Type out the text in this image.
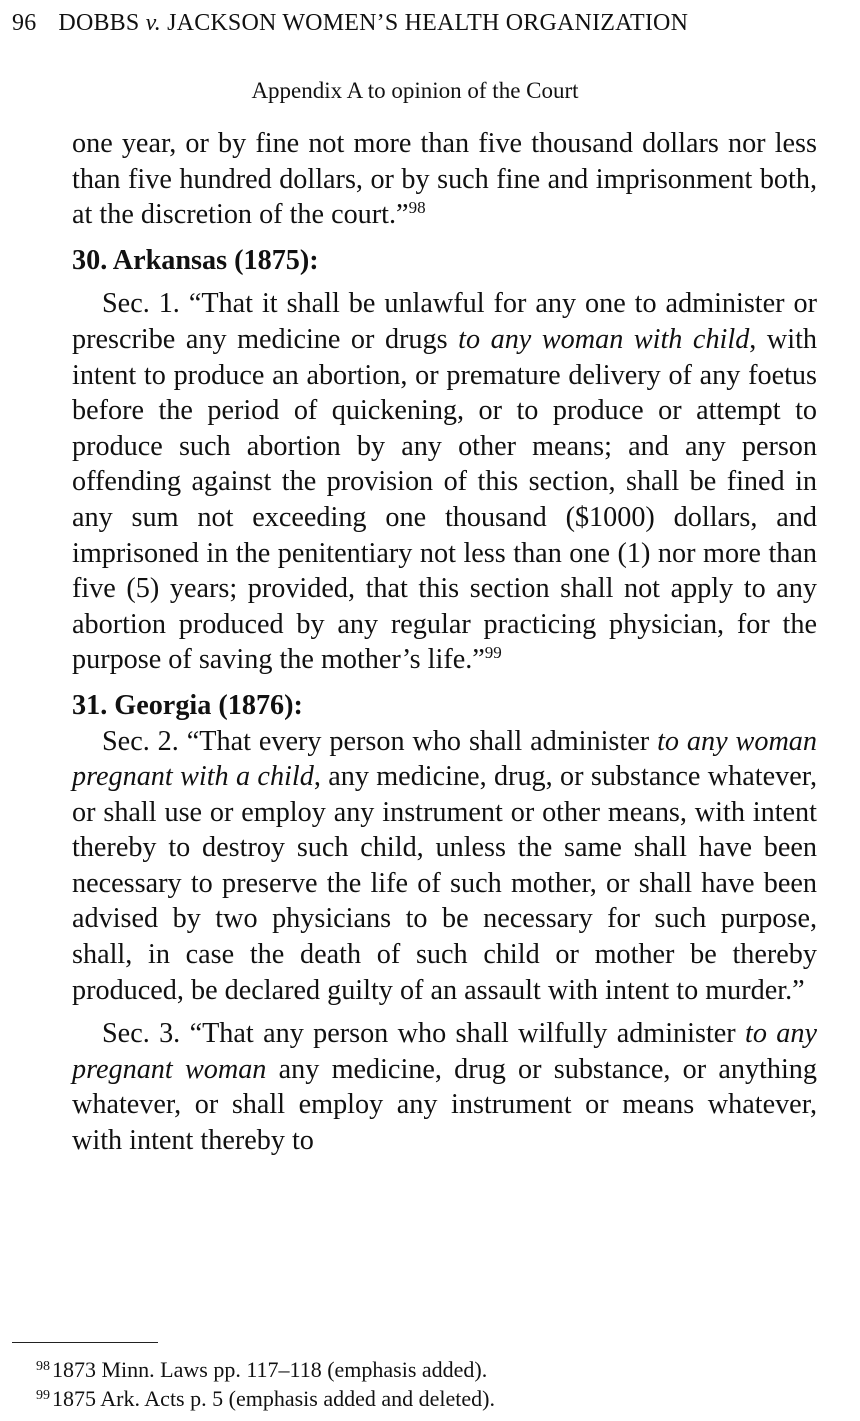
96 DOBBS v. JACKSON WOMEN’S HEALTH ORGANIZATION
Appendix A to opinion of the Court

one year, or by fine not more than five thousand dollars nor less than five hundred dollars, or by such fine and imprisonment both, at the discretion of the court.”$^{98}$

30. Arkansas (1875):

Sec. 1. “That it shall be unlawful for any one to administer or prescribe any medicine or drugs to any woman with child, with intent to produce an abortion, or premature delivery of any foetus before the period of quickening, or to produce or attempt to produce such abortion by any other means; and any person offending against the provision of this section, shall be fined in any sum not exceeding one thousand ($1000) dollars, and imprisoned in the penitentiary not less than one (1) nor more than five (5) years; provided, that this section shall not apply to any abortion produced by any regular practicing physician, for the purpose of saving the mother’s life.”$^{99}$

31. Georgia (1876):

Sec. 2. “That every person who shall administer to any woman pregnant with a child, any medicine, drug, or substance whatever, or shall use or employ any instrument or other means, with intent thereby to destroy such child, unless the same shall have been necessary to preserve the life of such mother, or shall have been advised by two physicians to be necessary for such purpose, shall, in case the death of such child or mother be thereby produced, be declared guilty of an assault with intent to murder.”

Sec. 3. “That any person who shall wilfully administer to any pregnant woman any medicine, drug or substance, or anything whatever, or shall employ any instrument or means whatever, with intent thereby to

$^{98}$1873 Minn. Laws pp. 117–118 (emphasis added).
$^{99}$1875 Ark. Acts p. 5 (emphasis added and deleted).
